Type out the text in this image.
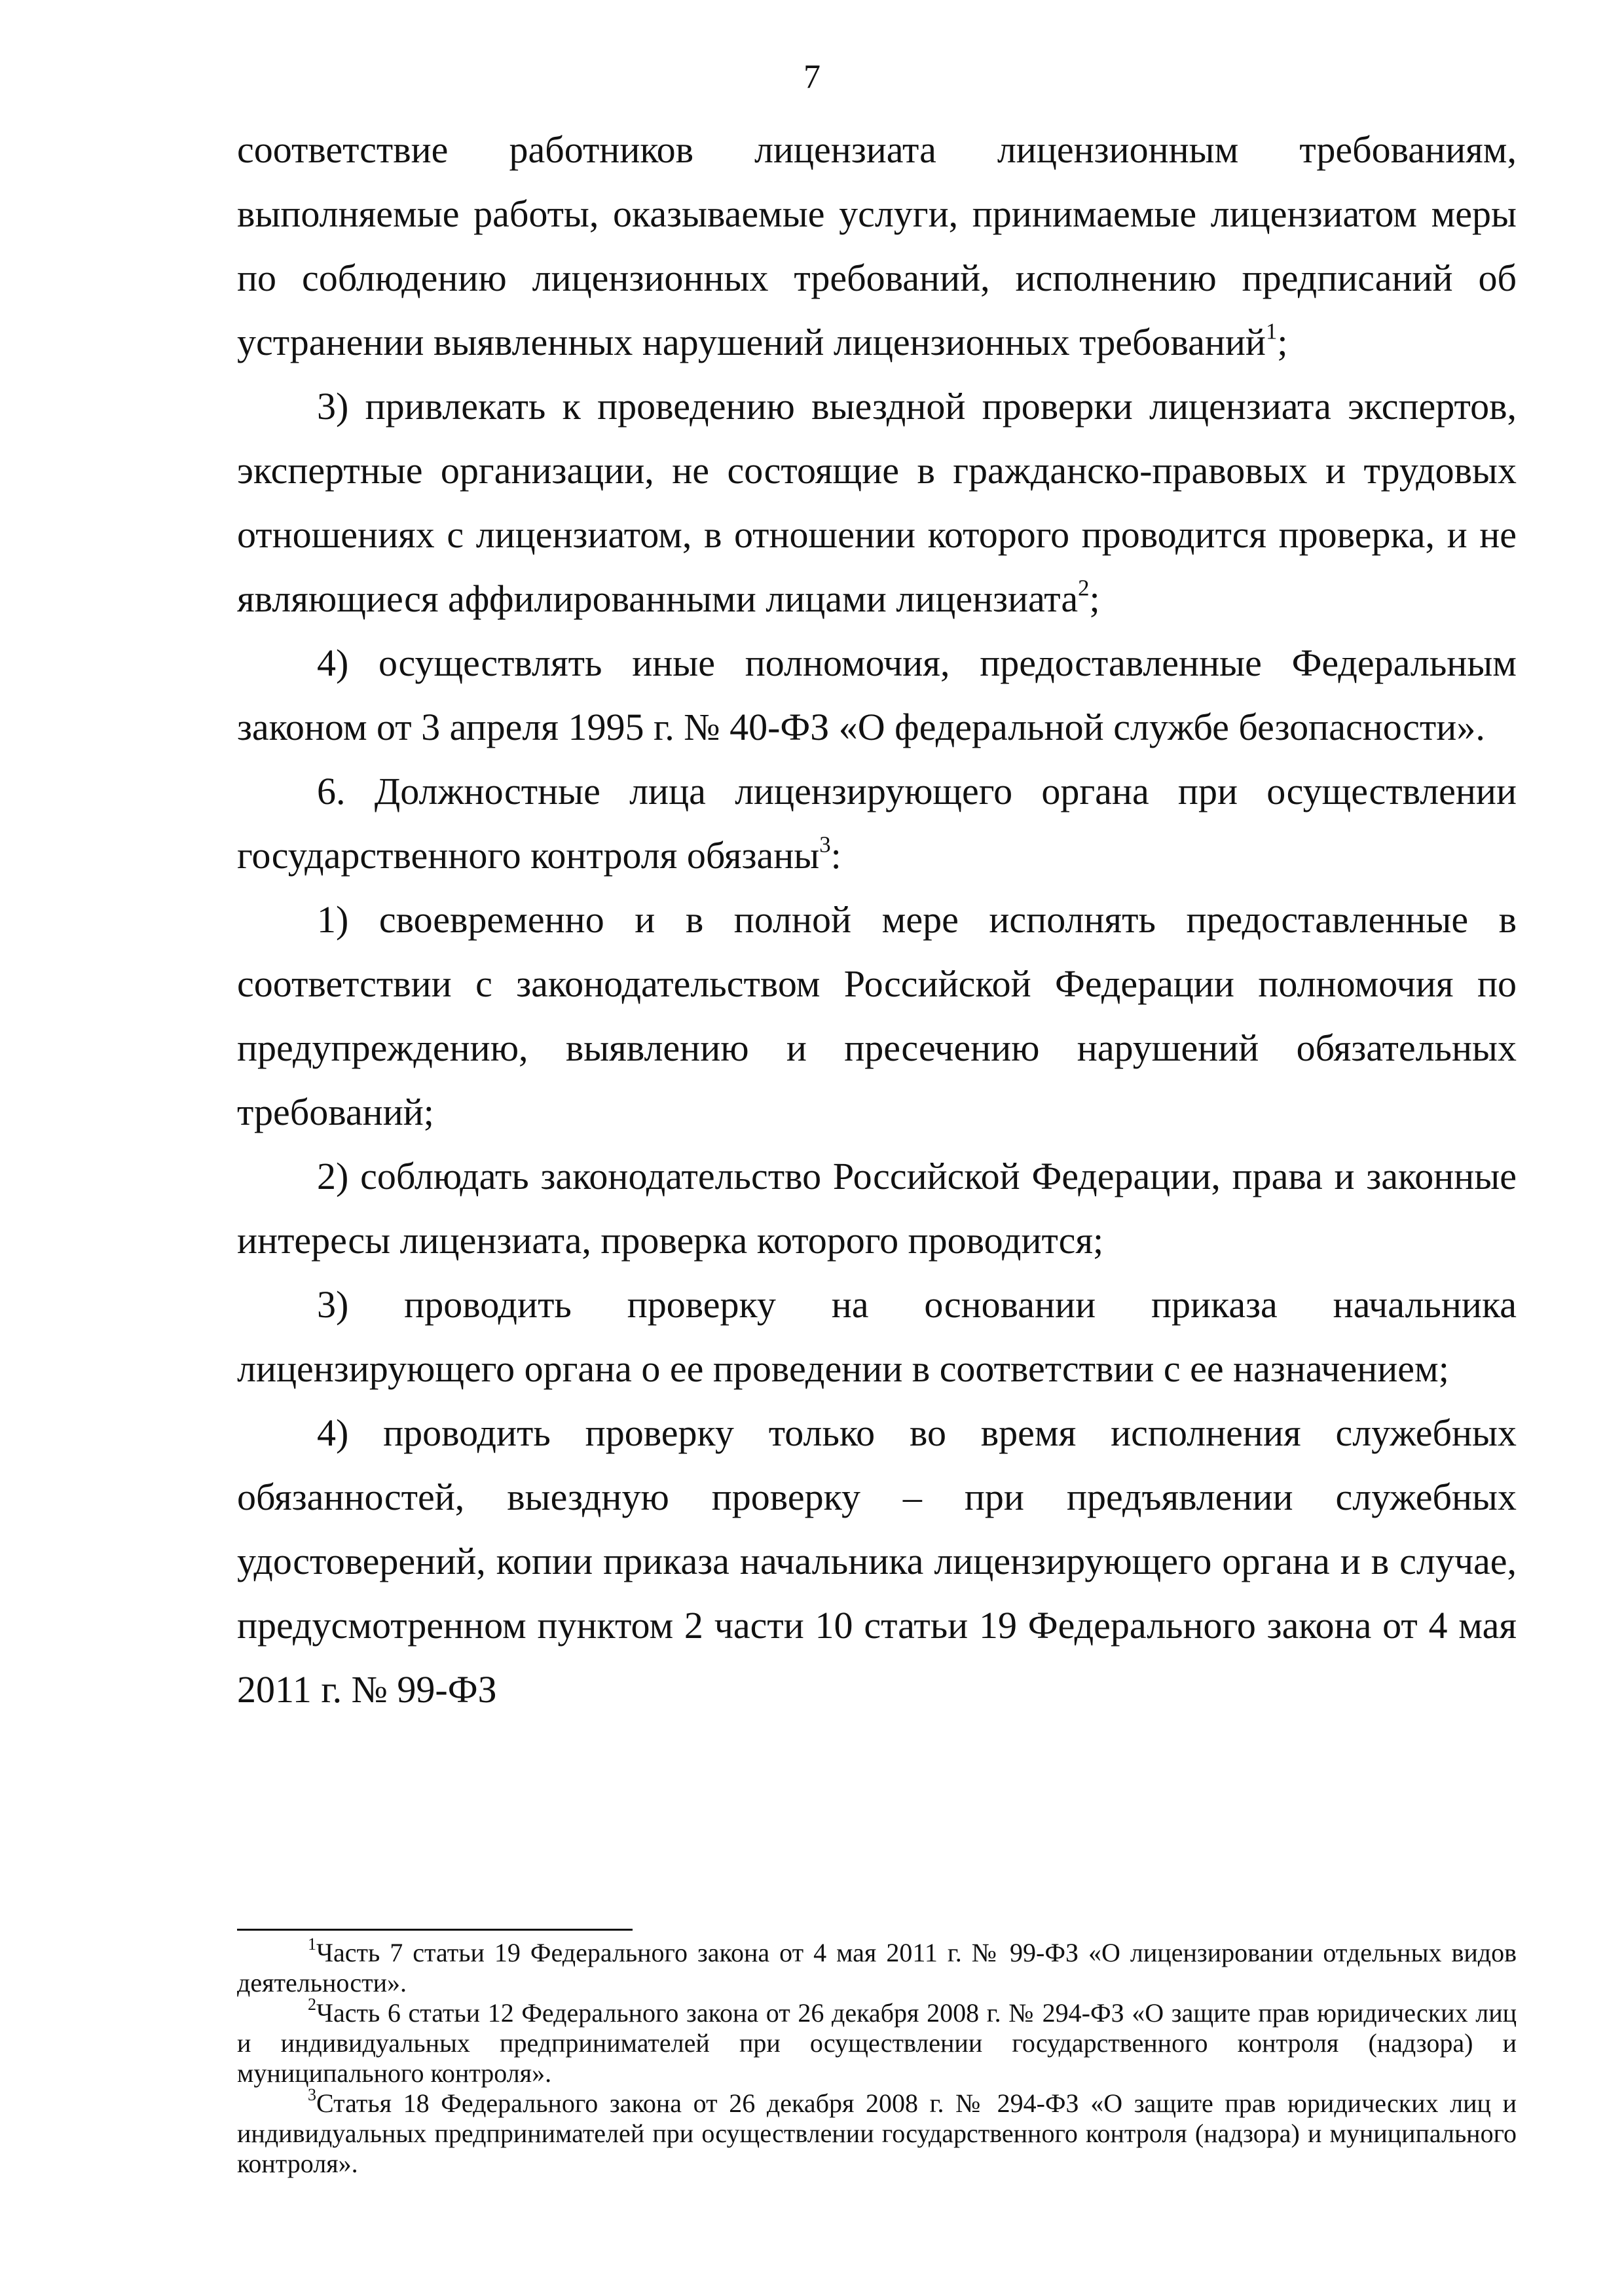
7

соответствие работников лицензиата лицензионным требованиям, выполняемые работы, оказываемые услуги, принимаемые лицензиатом меры по соблюдению лицензионных требований, исполнению предписаний об устранении выявленных нарушений лицензионных требований$^1$;

3) привлекать к проведению выездной проверки лицензиата экспертов, экспертные организации, не состоящие в гражданско-правовых и трудовых отношениях с лицензиатом, в отношении которого проводится проверка, и не являющиеся аффилированными лицами лицензиата$^2$;

4) осуществлять иные полномочия, предоставленные Федеральным законом от 3 апреля 1995 г. № 40-ФЗ «О федеральной службе безопасности».

6. Должностные лица лицензирующего органа при осуществлении государственного контроля обязаны$^3$:

1) своевременно и в полной мере исполнять предоставленные в соответствии с законодательством Российской Федерации полномочия по предупреждению, выявлению и пресечению нарушений обязательных требований;

2) соблюдать законодательство Российской Федерации, права и законные интересы лицензиата, проверка которого проводится;

3) проводить проверку на основании приказа начальника лицензирующего органа о ее проведении в соответствии с ее назначением;

4) проводить проверку только во время исполнения служебных обязанностей, выездную проверку – при предъявлении служебных удостоверений, копии приказа начальника лицензирующего органа и в случае, предусмотренном пунктом 2 части 10 статьи 19 Федерального закона от 4 мая 2011 г. № 99-ФЗ

$^1$Часть 7 статьи 19 Федерального закона от 4 мая 2011 г. № 99-ФЗ «О лицензировании отдельных видов деятельности».

$^2$Часть 6 статьи 12 Федерального закона от 26 декабря 2008 г. № 294-ФЗ «О защите прав юридических лиц и индивидуальных предпринимателей при осуществлении государственного контроля (надзора) и муниципального контроля».

$^3$Статья 18 Федерального закона от 26 декабря 2008 г. № 294-ФЗ «О защите прав юридических лиц и индивидуальных предпринимателей при осуществлении государственного контроля (надзора) и муниципального контроля».
